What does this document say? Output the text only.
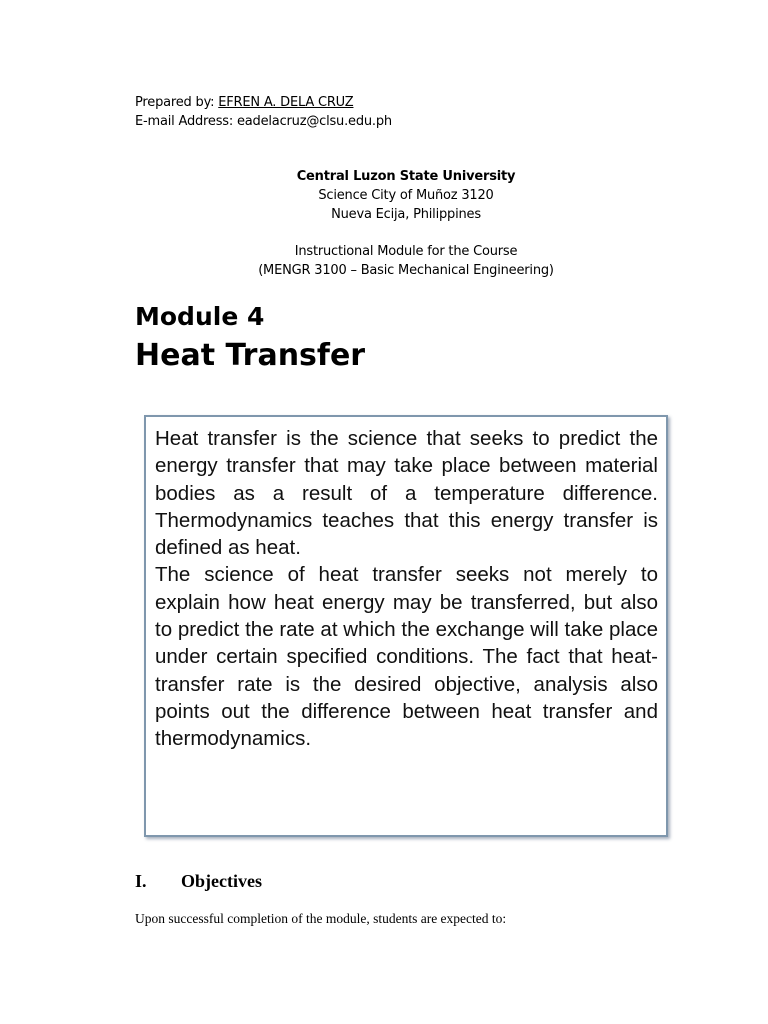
Prepared by: EFREN A. DELA CRUZ
E-mail Address: eadelacruz@clsu.edu.ph
Central Luzon State University
Science City of Muñoz 3120
Nueva Ecija, Philippines
Instructional Module for the Course
(MENGR 3100 – Basic Mechanical Engineering)
Module 4
Heat Transfer

Heat transfer is the science that seeks to predict the energy transfer that may take place between material bodies as a result of a temperature difference. Thermodynamics teaches that this energy transfer is defined as heat.

The science of heat transfer seeks not merely to explain how heat energy may be transferred, but also to predict the rate at which the exchange will take place under certain specified conditions. The fact that heat-transfer rate is the desired objective, analysis also points out the difference between heat transfer and thermodynamics.

I. Objectives
Upon successful completion of the module, students are expected to:
